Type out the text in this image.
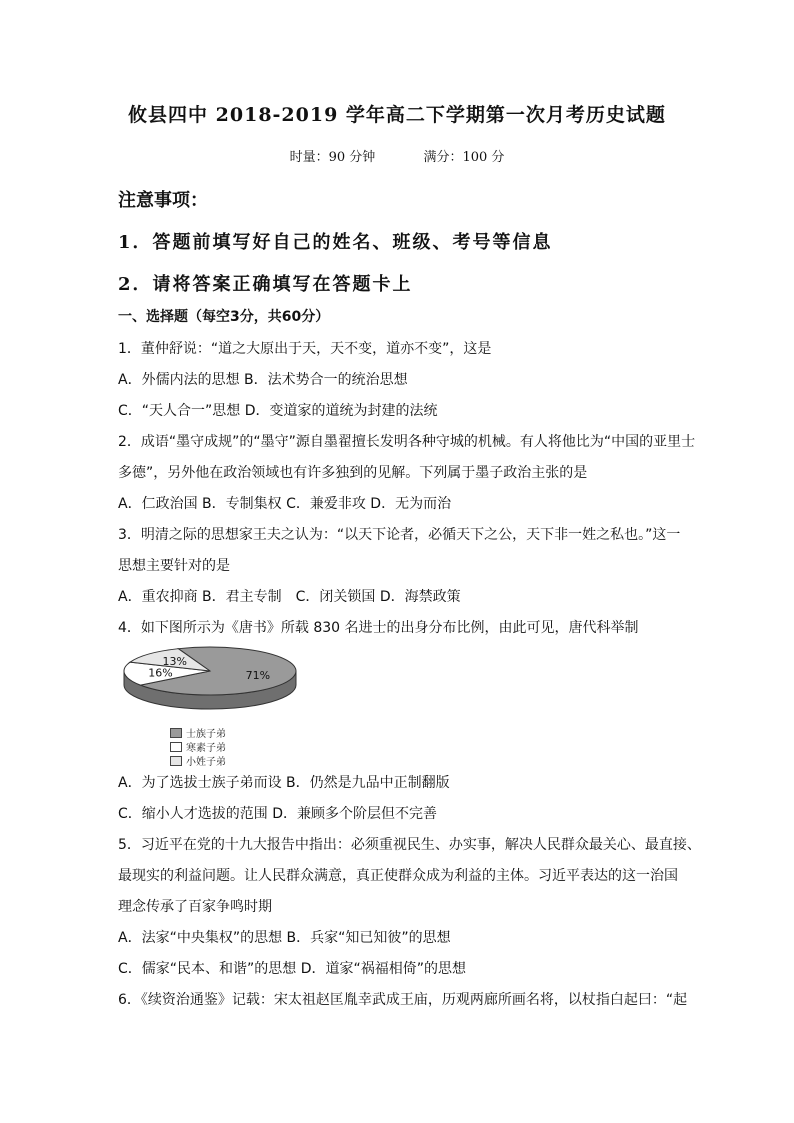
攸县四中 2018-2019 学年高二下学期第一次月考历史试题
时量：90 分钟	满分：100 分
注意事项：
1．答题前填写好自己的姓名、班级、考号等信息
2．请将答案正确填写在答题卡上
一、选择题（每空3分，共60分）
1．董仲舒说：“道之大原出于天，天不变，道亦不变”，这是
A．外儒内法的思想 B．法术势合一的统治思想
C．“天人合一”思想 D．变道家的道统为封建的法统
2．成语“墨守成规”的“墨守”源自墨翟擅长发明各种守城的机械。有人将他比为“中国的亚里士
多德”，另外他在政治领域也有许多独到的见解。下列属于墨子政治主张的是
A．仁政治国 B．专制集权 C．兼爱非攻 D．无为而治
3．明清之际的思想家王夫之认为：“以天下论者，必循天下之公，天下非一姓之私也。”这一
思想主要针对的是
A．重农抑商 B．君主专制　C．闭关锁国 D．海禁政策
4．如下图所示为《唐书》所载 830 名进士的出身分布比例，由此可见，唐代科举制
71%
16%
13%
士族子弟
寒素子弟
小姓子弟
A．为了选拔士族子弟而设 B．仍然是九品中正制翻版
C．缩小人才选拔的范围 D．兼顾多个阶层但不完善
5．习近平在党的十九大报告中指出：必须重视民生、办实事，解决人民群众最关心、最直接、
最现实的利益问题。让人民群众满意，真正使群众成为利益的主体。习近平表达的这一治国
理念传承了百家争鸣时期
A．法家“中央集权”的思想 B．兵家“知已知彼”的思想
C．儒家“民本、和谐”的思想 D．道家“祸福相倚”的思想
6．《续资治通鉴》记载：宋太祖赵匡胤幸武成王庙，历观两廊所画名将，以杖指白起曰：“起
